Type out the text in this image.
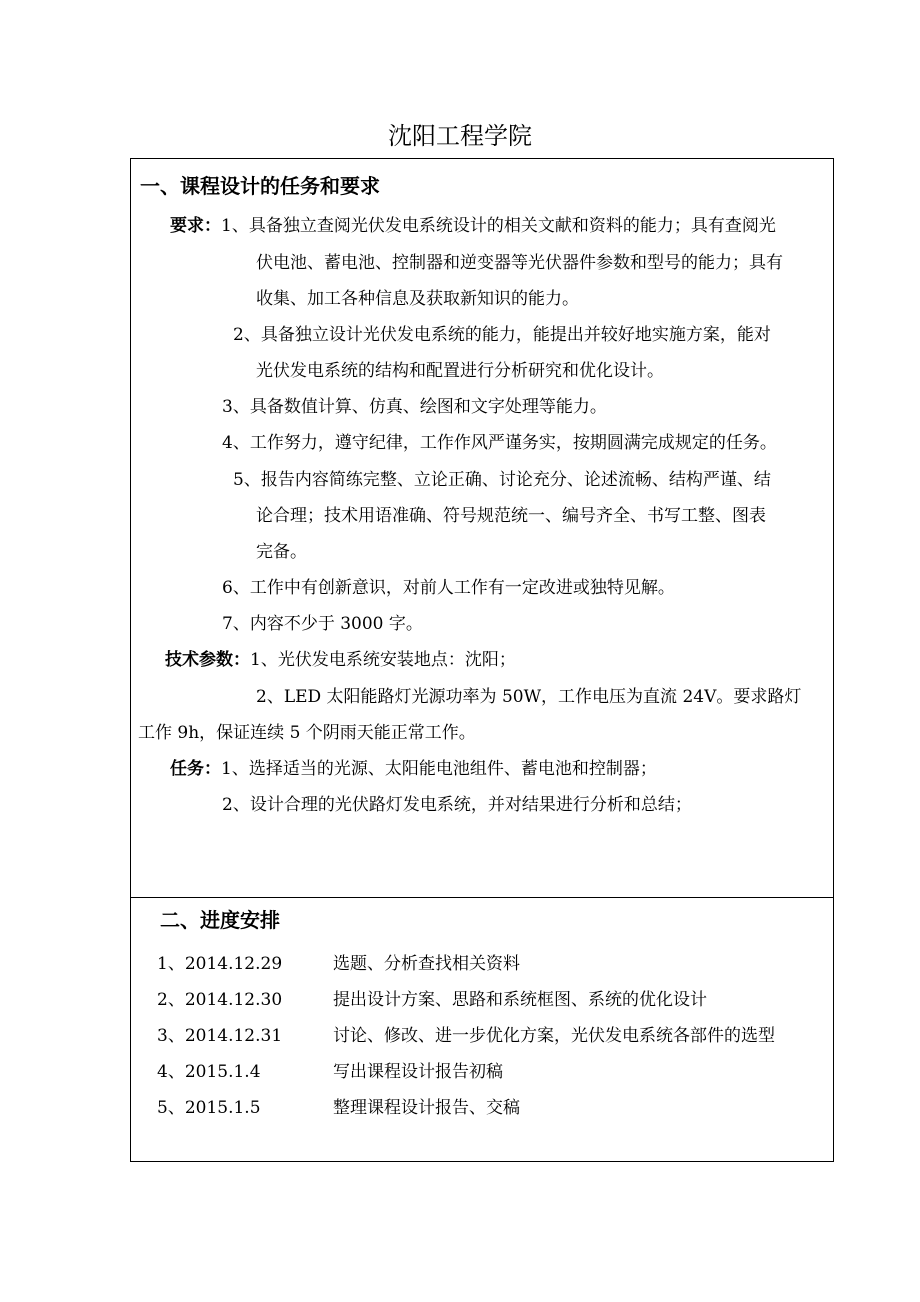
沈阳工程学院
一、课程设计的任务和要求
要求：1、具备独立查阅光伏发电系统设计的相关文献和资料的能力；具有查阅光
伏电池、蓄电池、控制器和逆变器等光伏器件参数和型号的能力；具有
收集、加工各种信息及获取新知识的能力。
2、具备独立设计光伏发电系统的能力，能提出并较好地实施方案，能对
光伏发电系统的结构和配置进行分析研究和优化设计。
3、具备数值计算、仿真、绘图和文字处理等能力。
4、工作努力，遵守纪律，工作作风严谨务实，按期圆满完成规定的任务。
5、报告内容简练完整、立论正确、讨论充分、论述流畅、结构严谨、结
论合理；技术用语准确、符号规范统一、编号齐全、书写工整、图表
完备。
6、工作中有创新意识，对前人工作有一定改进或独特见解。
7、内容不少于 3000 字。
技术参数：1、光伏发电系统安装地点：沈阳；
2、LED 太阳能路灯光源功率为 50W，工作电压为直流 24V。要求路灯
工作 9h，保证连续 5 个阴雨天能正常工作。
任务：1、选择适当的光源、太阳能电池组件、蓄电池和控制器；
2、设计合理的光伏路灯发电系统，并对结果进行分析和总结；
二、进度安排
1、2014.12.29	选题、分析查找相关资料
2、2014.12.30	提出设计方案、思路和系统框图、系统的优化设计
3、2014.12.31	讨论、修改、进一步优化方案，光伏发电系统各部件的选型
4、2015.1.4	写出课程设计报告初稿
5、2015.1.5	整理课程设计报告、交稿
